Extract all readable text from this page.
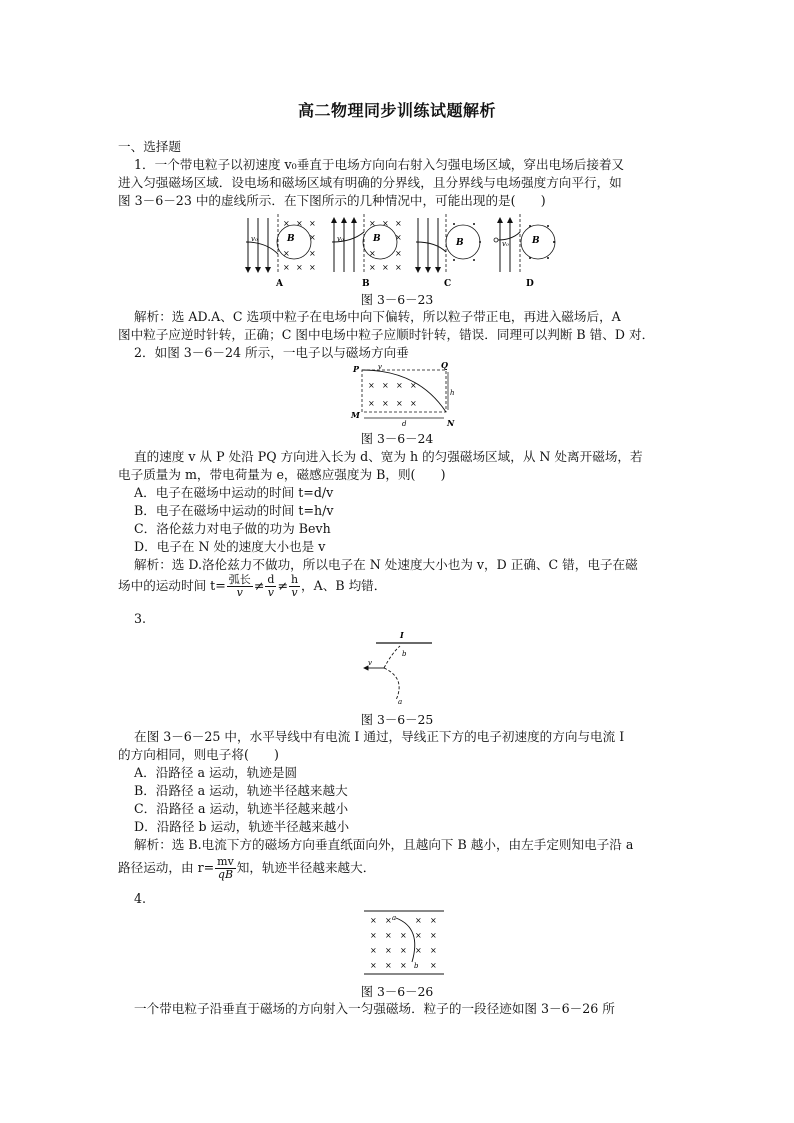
高二物理同步训练试题解析
一、选择题
1．一个带电粒子以初速度 v₀垂直于电场方向向右射入匀强电场区域，穿出电场后接着又
进入匀强磁场区域．设电场和磁场区域有明确的分界线，且分界线与电场强度方向平行，如
图 3－6－23 中的虚线所示．在下图所示的几种情况中，可能出现的是(　　)
× × ×
×
× ×
× × ×
v₀	B
A
× × ×
×
× ×
× × ×
v₀	B
B
B
C
v₀	B
D
图 3－6－23
解析：选 AD.A、C 选项中粒子在电场中向下偏转，所以粒子带正电，再进入磁场后，A
图中粒子应逆时针转，正确；C 图中电场中粒子应顺时针转，错误．同理可以判断 B 错、D 对．
2．如图 3－6－24 所示，一电子以与磁场方向垂
× × × ×
× × × ×
P	Q
M
N
v
h
d
图 3－6－24
直的速度 v 从 P 处沿 PQ 方向进入长为 d、宽为 h 的匀强磁场区域，从 N 处离开磁场，若
电子质量为 m，带电荷量为 e，磁感应强度为 B，则(　　)
A．电子在磁场中运动的时间 t=d/v
B．电子在磁场中运动的时间 t=h/v
C．洛伦兹力对电子做的功为 Bevh
D．电子在 N 处的速度大小也是 v
解析：选 D.洛伦兹力不做功，所以电子在 N 处速度大小也为 v，D 正确、C 错，电子在磁
场中的运动时间 $t= \frac{\text{弧长}}{v} \ne \frac{d}{v} \ne \frac{h}{v}$ ，A、B 均错．
3.
I
b
a
v
图 3－6－25
在图 3－6－25 中，水平导线中有电流 I 通过，导线正下方的电子初速度的方向与电流 I
的方向相同，则电子将(　　)
A．沿路径 a 运动，轨迹是圆
B．沿路径 a 运动，轨迹半径越来越大
C．沿路径 a 运动，轨迹半径越来越小
D．沿路径 b 运动，轨迹半径越来越小
解析：选 B.电流下方的磁场方向垂直纸面向外，且越向下 B 越小，由左手定则知电子沿 a
路径运动，由 $r= \frac{mv}{qB}$ 知，轨迹半径越来越大．
4.
× ×	× ×
× × × × ×
× × × × ×
× × ×	×
a
b
图 3－6－26
一个带电粒子沿垂直于磁场的方向射入一匀强磁场．粒子的一段径迹如图 3－6－26 所
